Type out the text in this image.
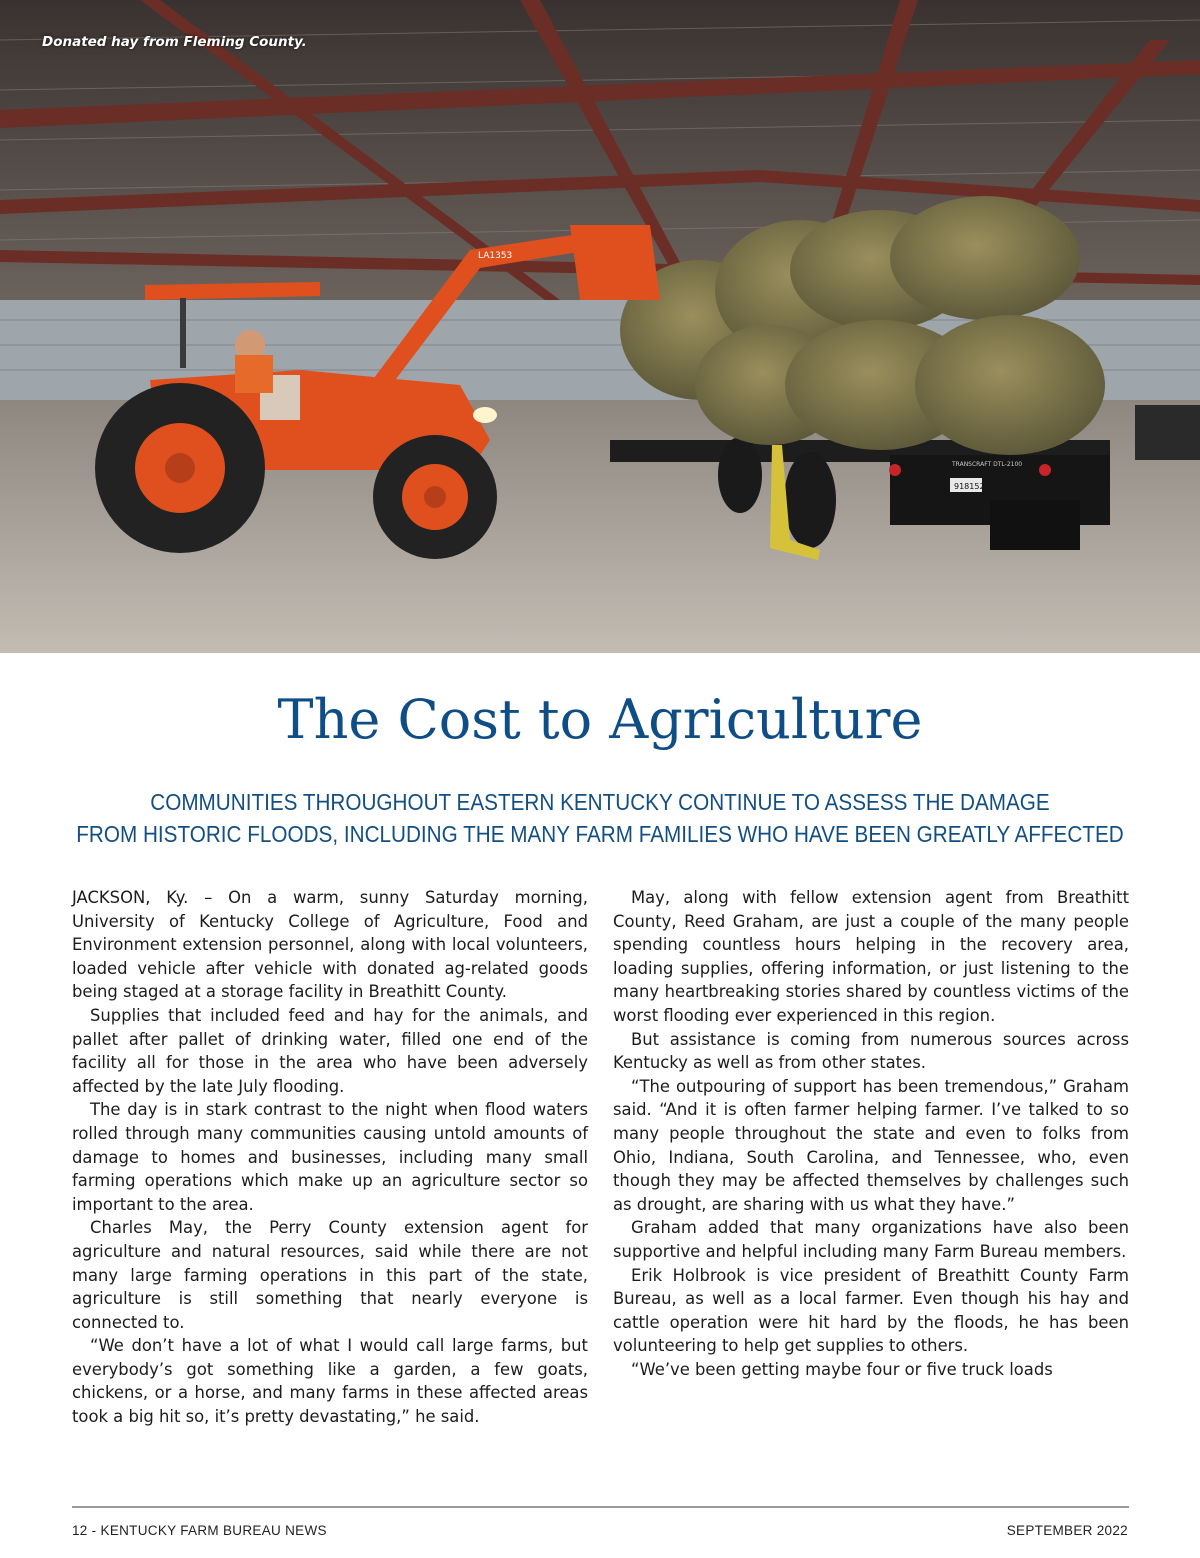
LA1353
TRANSCRAFT DTL-2100
918152
Donated hay from Fleming County.
The Cost to Agriculture
COMMUNITIES THROUGHOUT EASTERN KENTUCKY CONTINUE TO ASSESS THE DAMAGE
FROM HISTORIC FLOODS, INCLUDING THE MANY FARM FAMILIES WHO HAVE BEEN GREATLY AFFECTED

JACKSON, Ky. – On a warm, sunny Saturday morning, University of Kentucky College of Agriculture, Food and Environment extension personnel, along with local volunteers, loaded vehicle after vehicle with donated ag-related goods being staged at a storage facility in Breathitt County.

Supplies that included feed and hay for the animals, and pallet after pallet of drinking water, filled one end of the facility all for those in the area who have been adversely affected by the late July flooding.

The day is in stark contrast to the night when flood waters rolled through many communities causing untold amounts of damage to homes and businesses, including many small farming operations which make up an agriculture sector so important to the area.

Charles May, the Perry County extension agent for agriculture and natural resources, said while there are not many large farming operations in this part of the state, agriculture is still something that nearly everyone is connected to.

“We don’t have a lot of what I would call large farms, but everybody’s got something like a garden, a few goats, chickens, or a horse, and many farms in these affected areas took a big hit so, it’s pretty devastating,” he said.

May, along with fellow extension agent from Breathitt County, Reed Graham, are just a couple of the many people spending countless hours helping in the recovery area, loading supplies, offering information, or just listening to the many heartbreaking stories shared by countless victims of the worst flooding ever experienced in this region.

But assistance is coming from numerous sources across Kentucky as well as from other states.

“The outpouring of support has been tremendous,” Graham said. “And it is often farmer helping farmer. I’ve talked to so many people throughout the state and even to folks from Ohio, Indiana, South Carolina, and Tennessee, who, even though they may be affected themselves by challenges such as drought, are sharing with us what they have.”

Graham added that many organizations have also been supportive and helpful including many Farm Bureau members.

Erik Holbrook is vice president of Breathitt County Farm Bureau, as well as a local farmer. Even though his hay and cattle operation were hit hard by the floods, he has been volunteering to help get supplies to others.

“We’ve been getting maybe four or five truck loads

12 - KENTUCKY FARM BUREAU NEWS	SEPTEMBER 2022
